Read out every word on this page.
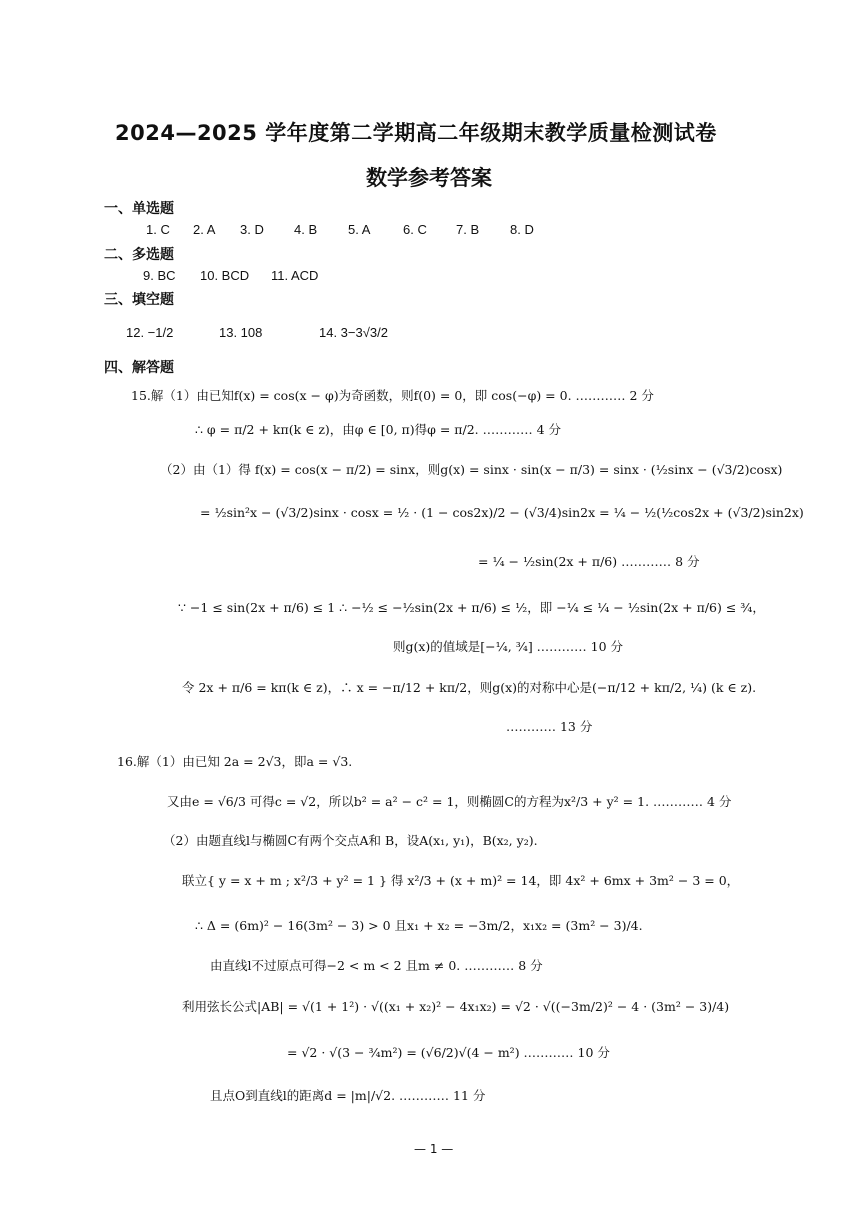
2024—2025 学年度第二学期高二年级期末教学质量检测试卷
数学参考答案
一、单选题
1. C 2. A 3. D 4. B 5. A	6. C 7. B 8. D
二、多选题
9. BC 10. BCD 11. ACD
三、填空题
12. −1/2	13. 108	14. 3−3√3/2
四、解答题
15.解（1）由已知f(x) = cos(x − φ)为奇函数，则f(0) = 0，即 cos(−φ) = 0. ………… 2 分
∴ φ = π/2 + kπ(k ∈ z)，由φ ∈ [0, π)得φ = π/2. ………… 4 分
（2）由（1）得 f(x) = cos(x − π/2) = sinx，则g(x) = sinx · sin(x − π/3) = sinx · (½sinx − (√3/2)cosx)
= ½sin²x − (√3/2)sinx · cosx = ½ · (1 − cos2x)/2 − (√3/4)sin2x = ¼ − ½(½cos2x + (√3/2)sin2x)
= ¼ − ½sin(2x + π/6) ………… 8 分
∵ −1 ≤ sin(2x + π/6) ≤ 1 ∴ −½ ≤ −½sin(2x + π/6) ≤ ½，即 −¼ ≤ ¼ − ½sin(2x + π/6) ≤ ¾，
则g(x)的值域是[−¼, ¾] ………… 10 分
令 2x + π/6 = kπ(k ∈ z)，∴ x = −π/12 + kπ/2，则g(x)的对称中心是(−π/12 + kπ/2, ¼) (k ∈ z).
………… 13 分
16.解（1）由已知 2a = 2√3，即a = √3.
又由e = √6/3 可得c = √2，所以b² = a² − c² = 1，则椭圆C的方程为x²/3 + y² = 1. ………… 4 分
（2）由题直线l与椭圆C有两个交点A和 B，设A(x₁, y₁)，B(x₂, y₂).
联立{ y = x + m ; x²/3 + y² = 1 } 得 x²/3 + (x + m)² = 14，即 4x² + 6mx + 3m² − 3 = 0，
∴ Δ = (6m)² − 16(3m² − 3) > 0 且x₁ + x₂ = −3m/2，x₁x₂ = (3m² − 3)/4.
由直线l不过原点可得−2 < m < 2 且m ≠ 0. ………… 8 分
利用弦长公式|AB| = √(1 + 1²) · √((x₁ + x₂)² − 4x₁x₂) = √2 · √((−3m/2)² − 4 · (3m² − 3)/4)
= √2 · √(3 − ¾m²) = (√6/2)√(4 − m²) ………… 10 分
且点O到直线l的距离d = |m|/√2. ………… 11 分
— 1 —
